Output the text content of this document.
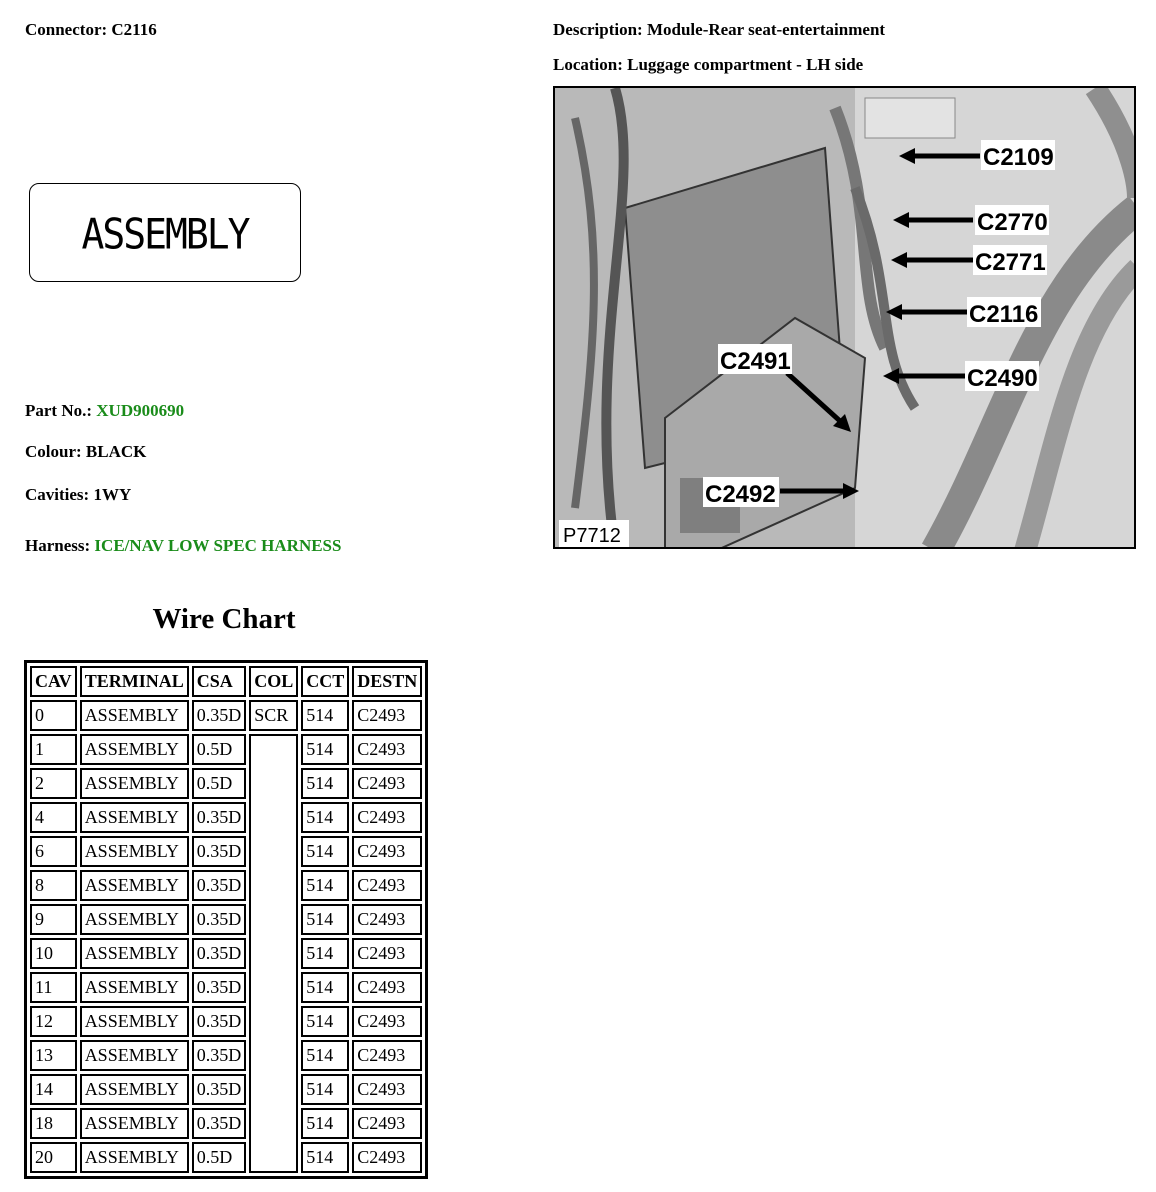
Connector: C2116	Description: Module-Rear seat-entertainment
Location: Luggage compartment - LH side
ASSEMBLY
Part No.: XUD900690
Colour: BLACK
Cavities: 1WY
Harness: ICE/NAV LOW SPEC HARNESS
Wire Chart
CAV	TERMINAL	CSA	COL	CCT	DESTN
0	ASSEMBLY	0.35D	SCR	514	C2493
1	ASSEMBLY	0.5D		514	C2493
2	ASSEMBLY	0.5D		514	C2493
4	ASSEMBLY	0.35D		514	C2493
6	ASSEMBLY	0.35D		514	C2493
8	ASSEMBLY	0.35D		514	C2493
9	ASSEMBLY	0.35D		514	C2493
10	ASSEMBLY	0.35D		514	C2493
11	ASSEMBLY	0.35D		514	C2493
12	ASSEMBLY	0.35D		514	C2493
13	ASSEMBLY	0.35D		514	C2493
14	ASSEMBLY	0.35D		514	C2493
18	ASSEMBLY	0.35D		514	C2493
20	ASSEMBLY	0.5D		514	C2493
C2109
C2770
C2771
C2116
C2490
C2491
C2492
P7712
